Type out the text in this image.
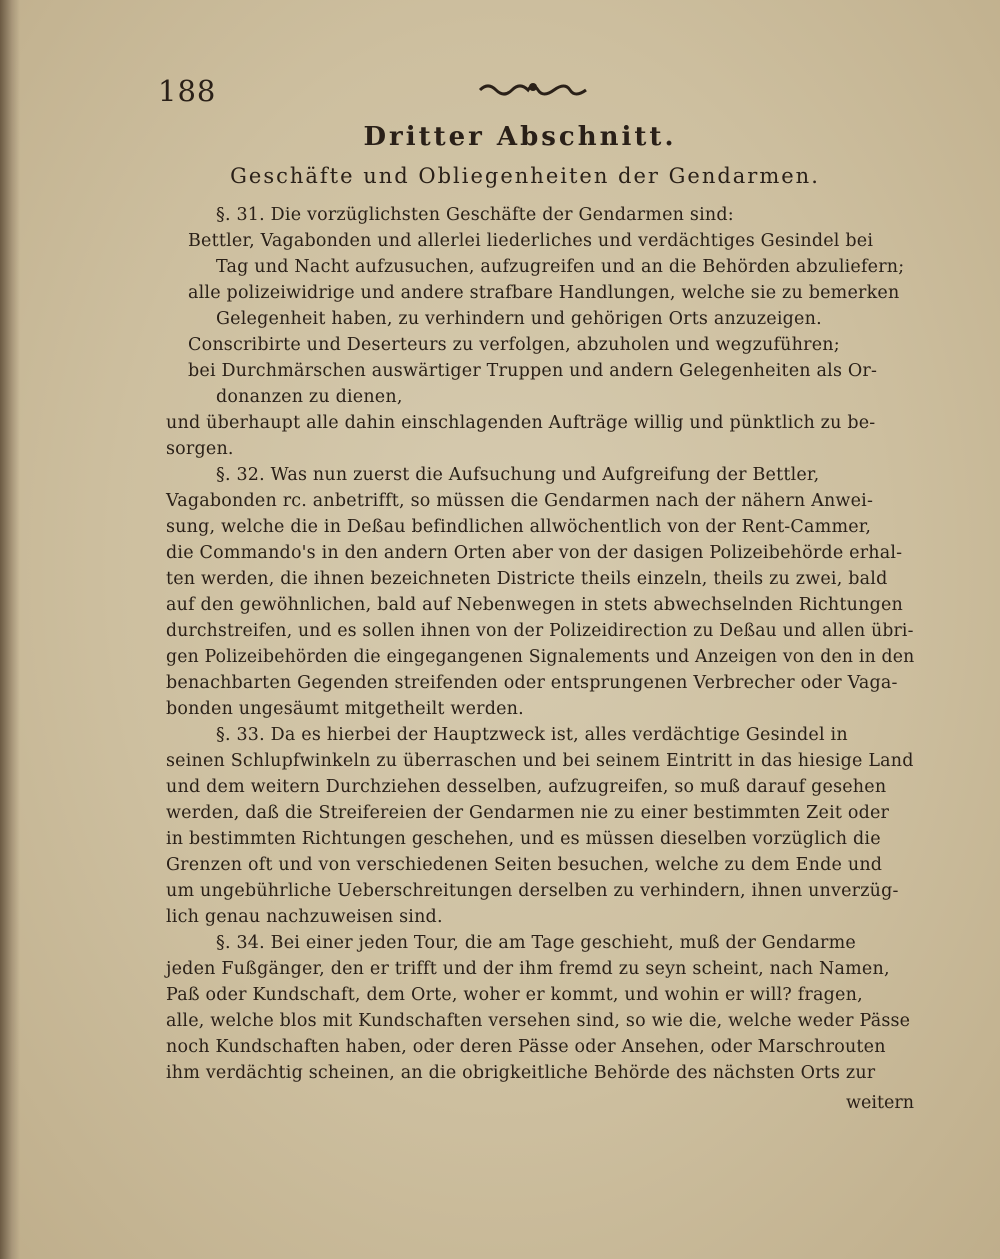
188
Dritter Abschnitt.
Geschäfte und Obliegenheiten der Gendarmen.
§. 31. Die vorzüglichsten Geschäfte der Gendarmen sind:
Bettler, Vagabonden und allerlei liederliches und verdächtiges Gesindel bei
Tag und Nacht aufzusuchen, aufzugreifen und an die Behörden abzuliefern;
alle polizeiwidrige und andere strafbare Handlungen, welche sie zu bemerken
Gelegenheit haben, zu verhindern und gehörigen Orts anzuzeigen.
Conscribirte und Deserteurs zu verfolgen, abzuholen und wegzuführen;
bei Durchmärschen auswärtiger Truppen und andern Gelegenheiten als Or-
donanzen zu dienen,
und überhaupt alle dahin einschlagenden Aufträge willig und pünktlich zu be-
sorgen.
§. 32. Was nun zuerst die Aufsuchung und Aufgreifung der Bettler,
Vagabonden rc. anbetrifft, so müssen die Gendarmen nach der nähern Anwei-
sung, welche die in Deßau befindlichen allwöchentlich von der Rent-Cammer,
die Commando's in den andern Orten aber von der dasigen Polizeibehörde erhal-
ten werden, die ihnen bezeichneten Districte theils einzeln, theils zu zwei, bald
auf den gewöhnlichen, bald auf Nebenwegen in stets abwechselnden Richtungen
durchstreifen, und es sollen ihnen von der Polizeidirection zu Deßau und allen übri-
gen Polizeibehörden die eingegangenen Signalements und Anzeigen von den in den
benachbarten Gegenden streifenden oder entsprungenen Verbrecher oder Vaga-
bonden ungesäumt mitgetheilt werden.
§. 33. Da es hierbei der Hauptzweck ist, alles verdächtige Gesindel in
seinen Schlupfwinkeln zu überraschen und bei seinem Eintritt in das hiesige Land
und dem weitern Durchziehen desselben, aufzugreifen, so muß darauf gesehen
werden, daß die Streifereien der Gendarmen nie zu einer bestimmten Zeit oder
in bestimmten Richtungen geschehen, und es müssen dieselben vorzüglich die
Grenzen oft und von verschiedenen Seiten besuchen, welche zu dem Ende und
um ungebührliche Ueberschreitungen derselben zu verhindern, ihnen unverzüg-
lich genau nachzuweisen sind.
§. 34. Bei einer jeden Tour, die am Tage geschieht, muß der Gendarme
jeden Fußgänger, den er trifft und der ihm fremd zu seyn scheint, nach Namen,
Paß oder Kundschaft, dem Orte, woher er kommt, und wohin er will? fragen,
alle, welche blos mit Kundschaften versehen sind, so wie die, welche weder Pässe
noch Kundschaften haben, oder deren Pässe oder Ansehen, oder Marschrouten
ihm verdächtig scheinen, an die obrigkeitliche Behörde des nächsten Orts zur
weitern
